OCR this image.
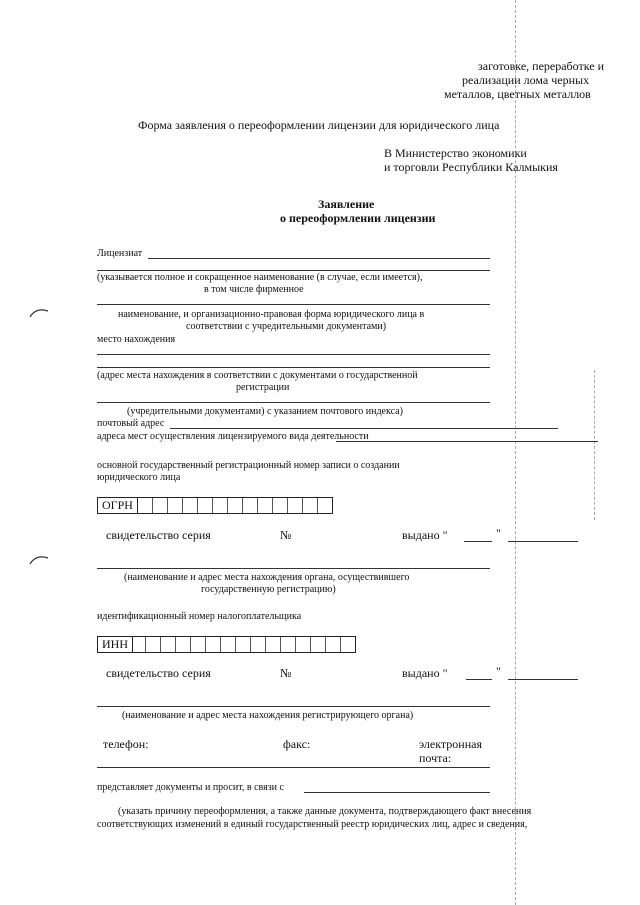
заготовке, переработке и
реализации лома черных
металлов, цветных металлов
Форма заявления о переоформлении лицензии для юридического лица
В Министерство экономики
и торговли Республики Калмыкия
Заявление
о переоформлении лицензии
Лицензиат
(указывается полное и сокращенное наименование (в случае, если имеется),
в том числе фирменное
наименование, и организационно-правовая форма юридического лица в
соответствии с учредительными документами)
место нахождения
(адрес места нахождения в соответствии с документами о государственной
регистрации
(учредительными документами) с указанием почтового индекса)
почтовый адрес
адреса мест осуществления лицензируемого вида деятельности
основной государственный регистрационный номер записи о создании
юридического лица
ОГРН
свидетельство серия	№	выдано "	"
(наименование и адрес места нахождения органа, осуществившего
государственную регистрацию)
идентификационный номер налогоплательщика
ИНН
свидетельство серия	№	выдано "	"
(наименование и адрес места нахождения регистрирующего органа)
телефон:	факс:	электронная
почта:
представляет документы и просит, в связи с
(указать причину переоформления, а также данные документа, подтверждающего факт внесения
соответствующих изменений в единый государственный реестр юридических лиц, адрес и сведения,
